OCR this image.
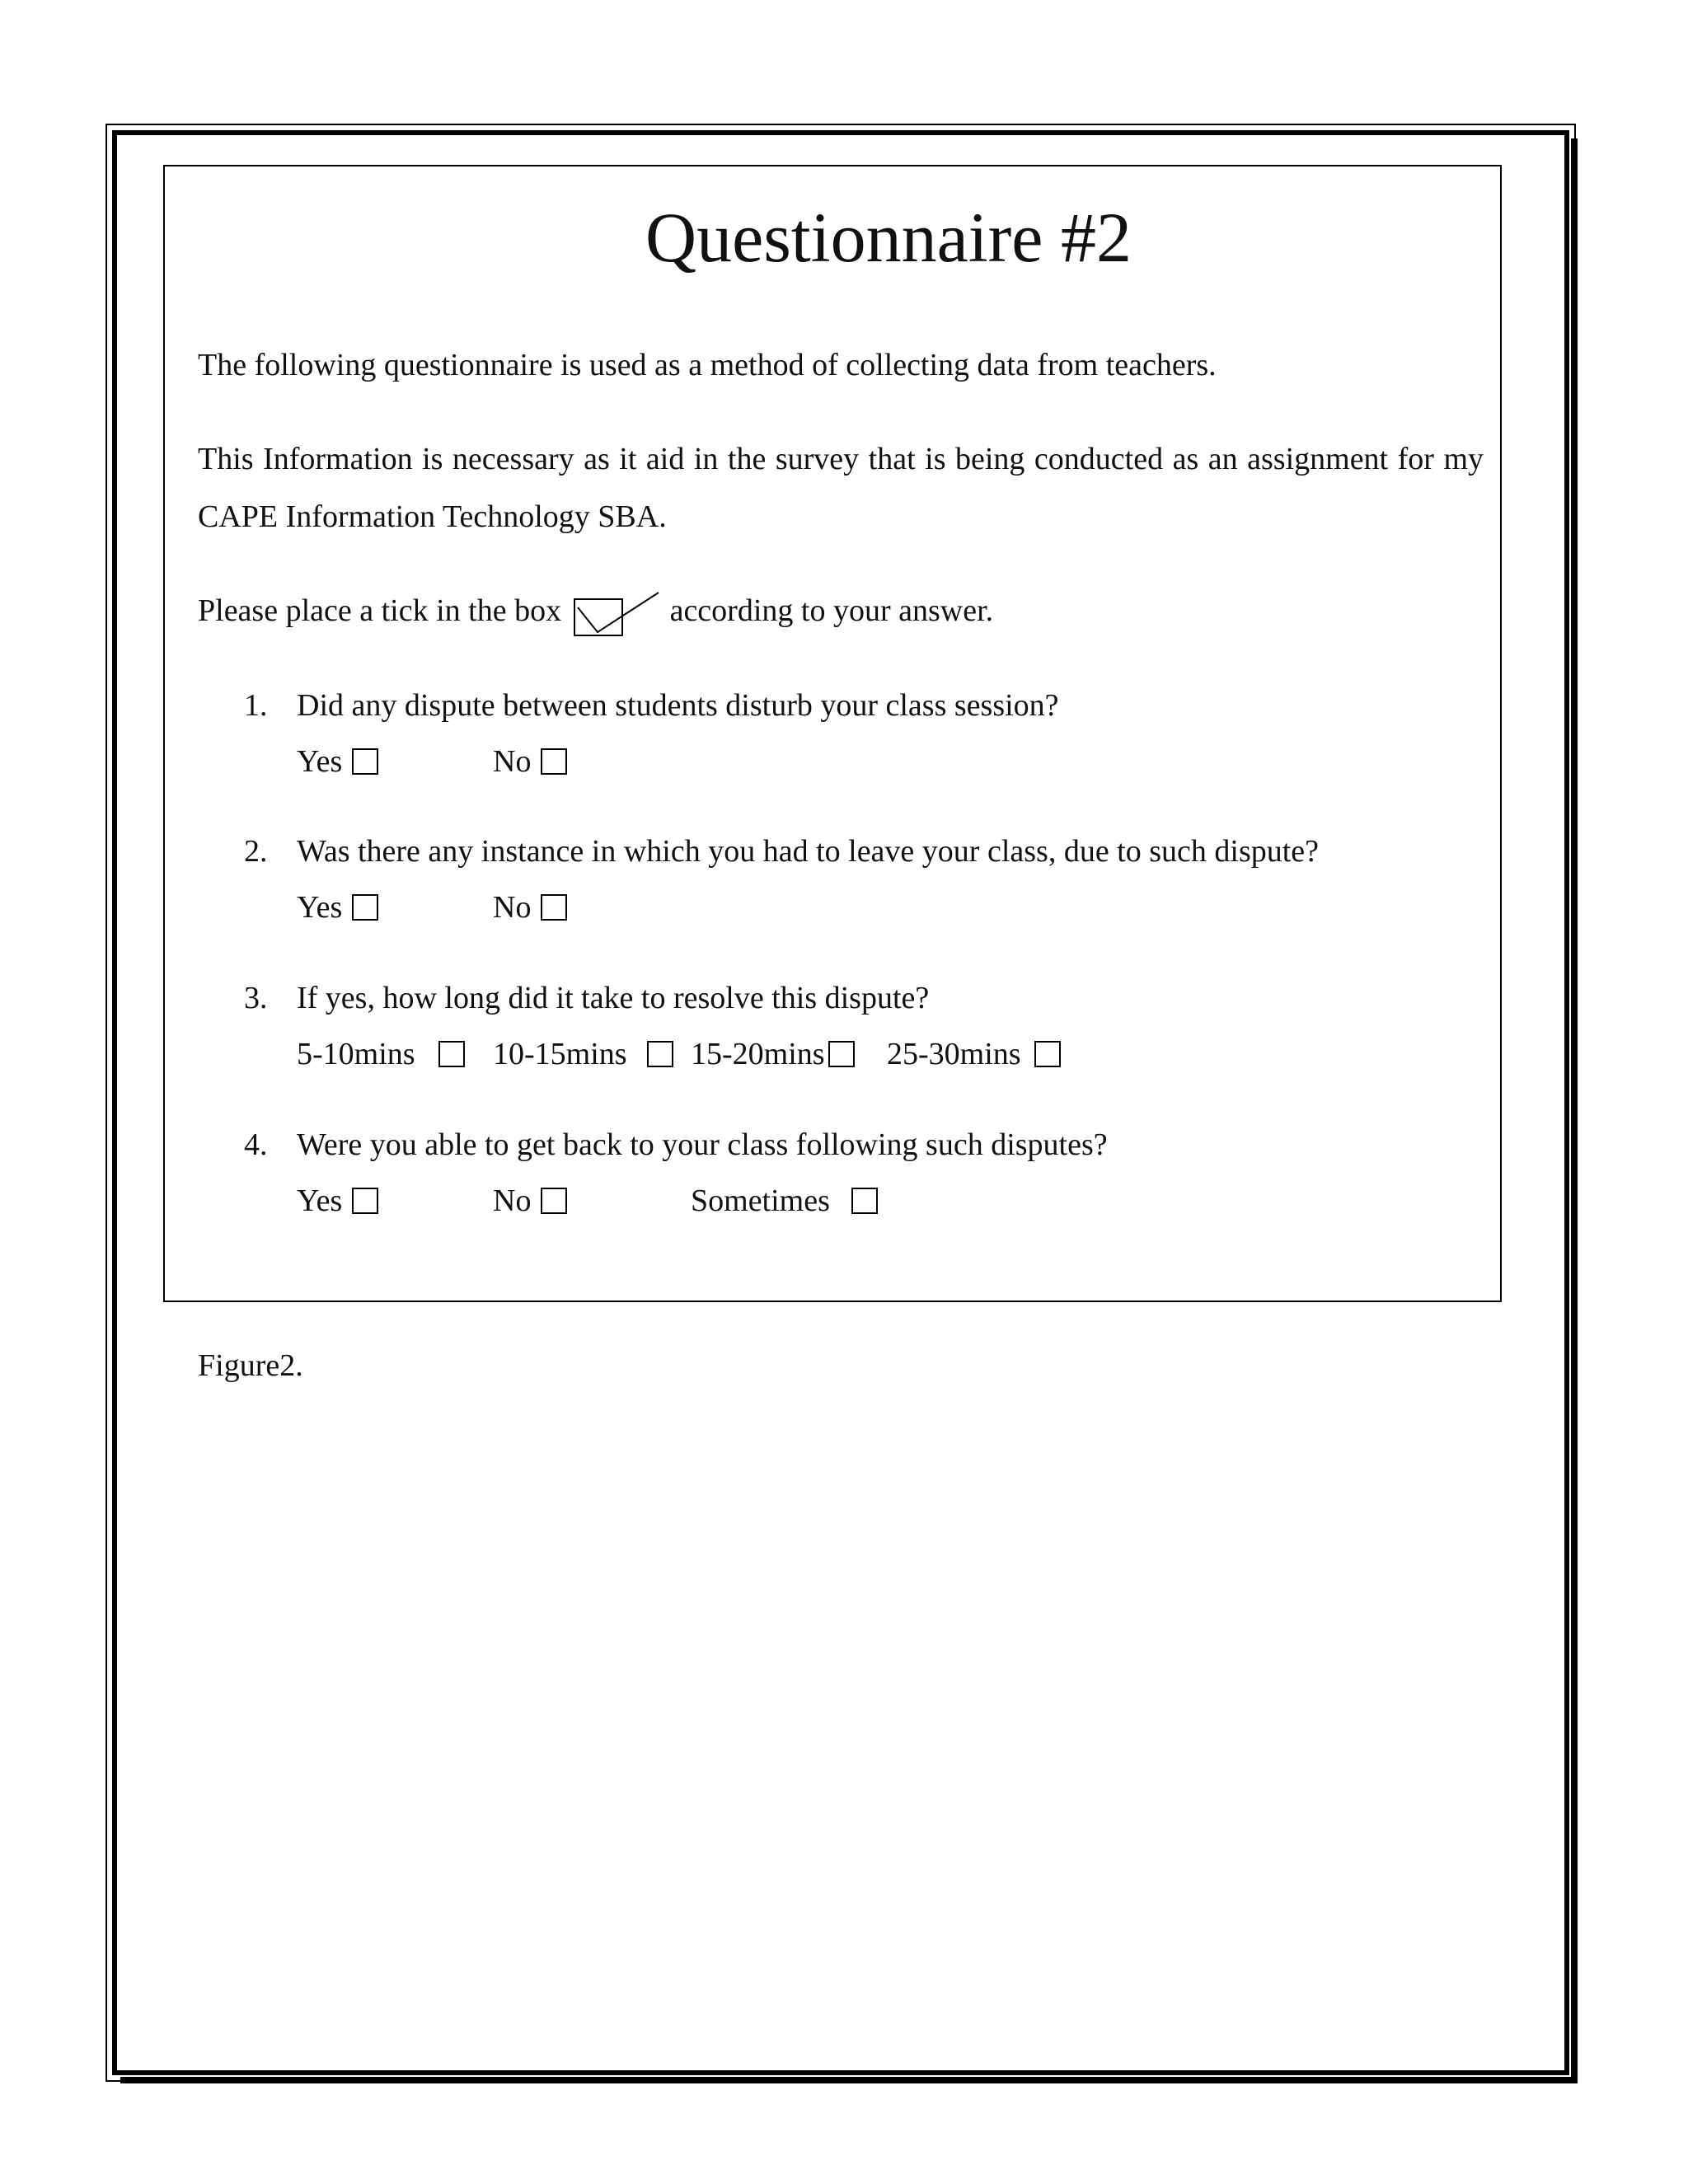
Questionnaire #2
The following questionnaire is used as a method of collecting data from teachers.
This Information is necessary as it aid in the survey that is being conducted as an assignment for my CAPE Information Technology SBA.
Please place a tick in the box	according to your answer.
1. Did any dispute between students disturb your class session?
Yes	No
2. Was there any instance in which you had to leave your class, due to such dispute?
Yes	No
3. If yes, how long did it take to resolve this dispute?
5-10mins 10-15mins 15-20mins 25-30mins
4. Were you able to get back to your class following such disputes?
Yes	No	Sometimes
Figure2.
